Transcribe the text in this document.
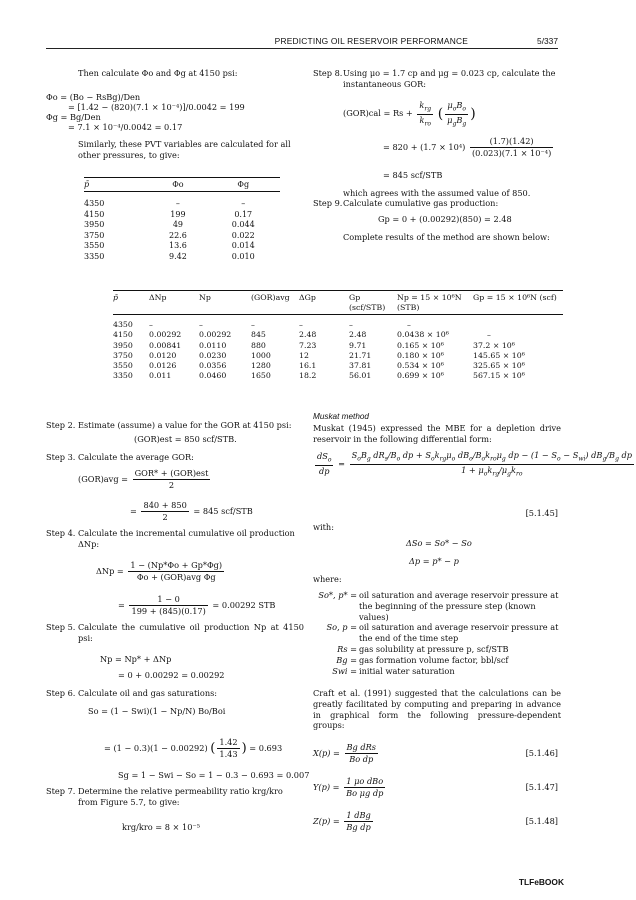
PREDICTING OIL RESERVOIR PERFORMANCE	5/337
Then calculate Φo and Φg at 4150 psi:
Φo = (Bo − RsBg)/Den
= [1.42 − (820)(7.1 × 10⁻⁴)]/0.0042 = 199
Φg = Bg/Den
= 7.1 × 10⁻⁴/0.0042 = 0.17
Similarly, these PVT variables are calculated for all other pressures, to give:
p̄	Φo	Φg

4350	–	–
4150	199	0.17
3950	49	0.044
3750	22.6	0.022
3550	13.6	0.014
3350	9.42	0.010
Step 8. Using μo = 1.7 cp and μg = 0.023 cp, calculate the instantaneous GOR:
$(GOR)cal = Rs + \frac{k_{rg}}{k_{ro}}$ ( $\frac{\mu_oB_o}{\mu_gB_g}$ )
= $820 + (1.7 \times 10^4) \frac{(1.7)(1.42)}{\text{(0.023)(7.1 × 10⁻⁴)}}$
= 845 scf/STB
which agrees with the assumed value of 850.
Step 9. Calculate cumulative gas production:
Gp = 0 + (0.00292)(850) = 2.48
Complete results of the method are shown below:
p̄	ΔNp	Np	(GOR)avg	ΔGp	Gp (scf/STB)	Np = 15 × 10⁶N (STB)	Gp = 15 × 10⁶N (scf)

4350	–	–	–	–	–	–	
4150	0.00292	0.00292	845	2.48	2.48	0.0438 × 10⁶	–
3950	0.00841	0.0110	880	7.23	9.71	0.165 × 10⁶	37.2 × 10⁶
3750	0.0120	0.0230	1000	12	21.71	0.180 × 10⁶	145.65 × 10⁶
3550	0.0126	0.0356	1280	16.1	37.81	0.534 × 10⁶	325.65 × 10⁶
3350	0.011	0.0460	1650	18.2	56.01	0.699 × 10⁶	567.15 × 10⁶
Step 2. Estimate (assume) a value for the GOR at 4150 psi:
(GOR)est = 850 scf/STB.
Step 3. Calculate the average GOR:
$(GOR)avg = \frac{\text{GOR* + (GOR)est}}{2}$
= $\frac{840 + 850}{2} = 845$ scf/STB
Step 4. Calculate the incremental cumulative oil production ΔNp:
$\Delta Np = \frac{1 - (Np*\Phi o + Gp*\Phi g)}{\text{Φo + (GOR)avg Φg}}$
= $\frac{1 - 0}{199 + (845)(0.17)} = 0.00292$ STB
Step 5. Calculate the cumulative oil production Np at 4150 psi:
Np = Np* + ΔNp
= 0 + 0.00292 = 0.00292
Step 6. Calculate oil and gas saturations:
So = (1 − Swi)(1 − Np/N) Bo/Boi
= (1 − 0.3)(1 − 0.00292) ( $\frac{1.42}{1.43}$ ) = 0.693
Sg = 1 − Swi − So = 1 − 0.3 − 0.693 = 0.007
Step 7. Determine the relative permeability ratio krg/kro from Figure 5.7, to give:
krg/kro = 8 × 10⁻⁵
Muskat method
Muskat (1945) expressed the MBE for a depletion drive reservoir in the following differential form:
$\frac{dS_o}{dp}$ =
$S_oB_g$ $dR_s/B_o$ dp + $S_ok_{rg}\mu_o$ $dB_o/B_ok_{ro}\mu_g$ dp − $(1 - S_o - S_{wi})$ $dB_g/B_g$ dp
$1 + \mu_ok_{rg}/\mu_gk_{ro}$
[5.1.45]
with:
ΔSo = So* − So
Δp = p* − p
where:
So*, p* = oil saturation and average reservoir pressure at the beginning of the pressure step (known values)
So, p = oil saturation and average reservoir pressure at the end of the time step
Rs = gas solubility at pressure p, scf/STB
Bg = gas formation volume factor, bbl/scf
Swi = initial water saturation
Craft et al. (1991) suggested that the calculations can be greatly facilitated by computing and preparing in advance in graphical form the following pressure-dependent groups:
$X(p) = \frac{\text{Bg dRs}}{\text{Bo dp}}$	[5.1.46]
$Y(p) = \frac{\text{1 μo dBo}}{\text{Bo μg dp}}$	[5.1.47]
$Z(p) = \frac{\text{1 dBg}}{\text{Bg dp}}$	[5.1.48]
TLFeBOOK
